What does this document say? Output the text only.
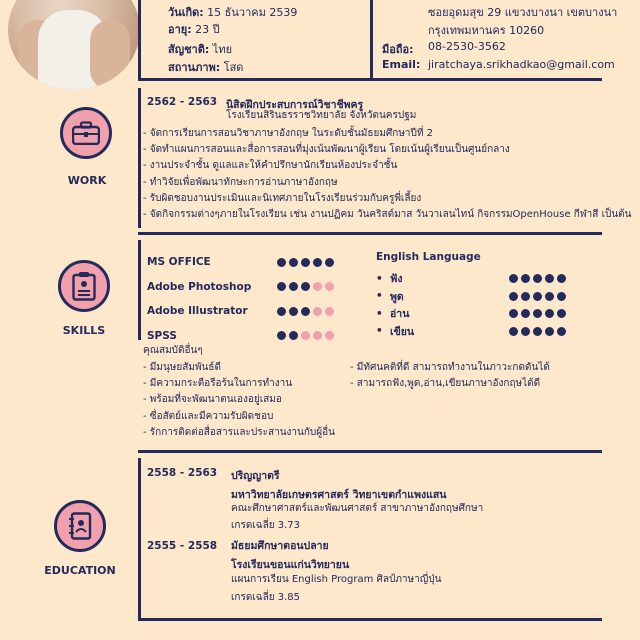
วันเกิด: 15 ธันวาคม 2539
อายุ: 23 ปี
สัญชาติ: ไทย
สถานภาพ: โสด
ซอยอุดมสุข 29 แขวงบางนา เขตบางนา
กรุงเทพมหานคร 10260
มือถือ: 08-2530-3562
Email: jiratchaya.srikhadkao@gmail.com
WORK
2562 - 2563 นิสิตฝึกประสบการณ์วิชาชีพครู
โรงเรียนสิรินธรราชวิทยาลัย จังหวัดนครปฐม
- จัดการเรียนการสอนวิชาภาษาอังกฤษ ในระดับชั้นมัธยมศึกษาปีที่ 2
- จัดทำแผนการสอนและสื่อการสอนที่มุ่งเน้นพัฒนาผู้เรียน โดยเน้นผู้เรียนเป็นศูนย์กลาง
- งานประจำชั้น ดูแลและให้คำปรึกษานักเรียนห้องประจำชั้น
- ทำวิจัยเพื่อพัฒนาทักษะการอ่านภาษาอังกฤษ
- รับผิดชอบงานประเมินและนิเทศภายในโรงเรียนร่วมกับครูพี่เลี้ยง
- จัดกิจกรรมต่างๆภายในโรงเรียน เช่น งานปฏิคม วันคริสต์มาส วันวาเลนไทน์ กิจกรรมOpenHouse กีฬาสี เป็นต้น
SKILLS
MS OFFICE
Adobe Photoshop
Adobe Illustrator
SPSS
English Language
• ฟัง
• พูด
• อ่าน
• เขียน
คุณสมบัติอื่นๆ
- มีมนุษยสัมพันธ์ดี
- มีความกระตือรือร้นในการทำงาน
- พร้อมที่จะพัฒนาตนเองอยู่เสมอ
- ซื่อสัตย์และมีความรับผิดชอบ
- รักการติดต่อสื่อสารและประสานงานกับผู้อื่น
- มีทัศนคติที่ดี สามารถทำงานในภาวะกดดันได้
- สามารถฟัง,พูด,อ่าน,เขียนภาษาอังกฤษได้ดี
EDUCATION
2558 - 2563 ปริญญาตรี
มหาวิทยาลัยเกษตรศาสตร์ วิทยาเขตกำแพงแสน
คณะศึกษาศาสตร์และพัฒนศาสตร์ สาขาภาษาอังกฤษศึกษา
เกรดเฉลี่ย 3.73
2555 - 2558 มัธยมศึกษาตอนปลาย
โรงเรียนขอนแก่นวิทยายน
แผนการเรียน English Program ศิลป์ภาษาญี่ปุ่น
เกรดเฉลี่ย 3.85
